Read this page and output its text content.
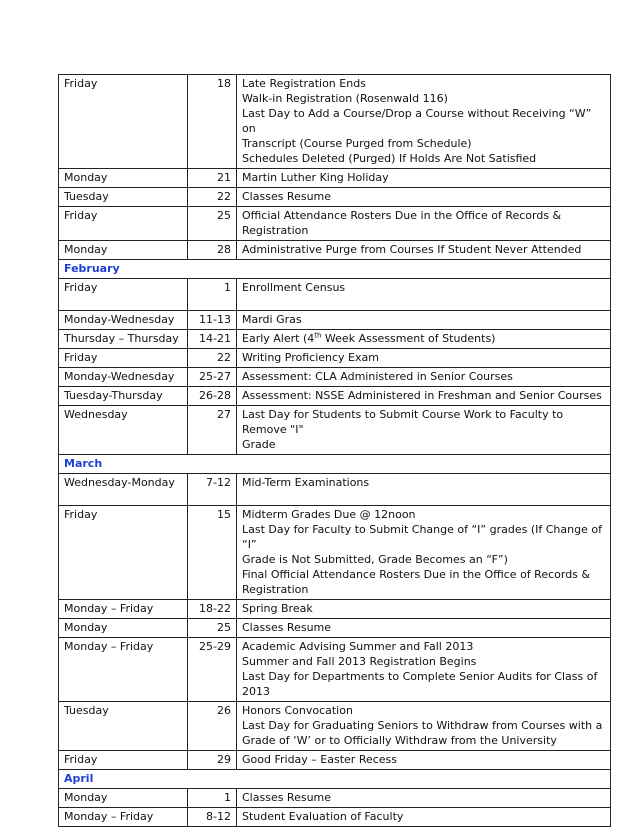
Friday	18	Late Registration Ends
Walk-in Registration (Rosenwald 116)
Last Day to Add a Course/Drop a Course without Receiving “W” on
Transcript (Course Purged from Schedule)
Schedules Deleted (Purged) If Holds Are Not Satisfied

Monday	21	Martin Luther King Holiday

Tuesday	22	Classes Resume

Friday	25	Official Attendance Rosters Due in the Office of Records &
Registration

Monday	28	Administrative Purge from Courses If Student Never Attended

February		
Friday	1	Enrollment Census

Monday-Wednesday	11-13	Mardi Gras

Thursday – Thursday	14-21	Early Alert (4th Week Assessment of Students)

Friday	22	Writing Proficiency Exam

Monday-Wednesday	25-27	Assessment: CLA Administered in Senior Courses

Tuesday-Thursday	26-28	Assessment: NSSE Administered in Freshman and Senior Courses

Wednesday	27	Last Day for Students to Submit Course Work to Faculty to Remove "I"
Grade

March		
Wednesday-Monday	7-12	Mid-Term Examinations

Friday	15	Midterm Grades Due @ 12noon
Last Day for Faculty to Submit Change of “I” grades (If Change of “I”
Grade is Not Submitted, Grade Becomes an “F”)
Final Official Attendance Rosters Due in the Office of Records &
Registration

Monday – Friday	18-22	Spring Break

Monday	25	Classes Resume

Monday – Friday	25-29	Academic Advising Summer and Fall 2013
Summer and Fall 2013 Registration Begins
Last Day for Departments to Complete Senior Audits for Class of 2013

Tuesday	26	Honors Convocation
Last Day for Graduating Seniors to Withdraw from Courses with a
Grade of ‘W’ or to Officially Withdraw from the University

Friday	29	Good Friday – Easter Recess

April		
Monday	1	Classes Resume

Monday – Friday	8-12	Student Evaluation of Faculty
